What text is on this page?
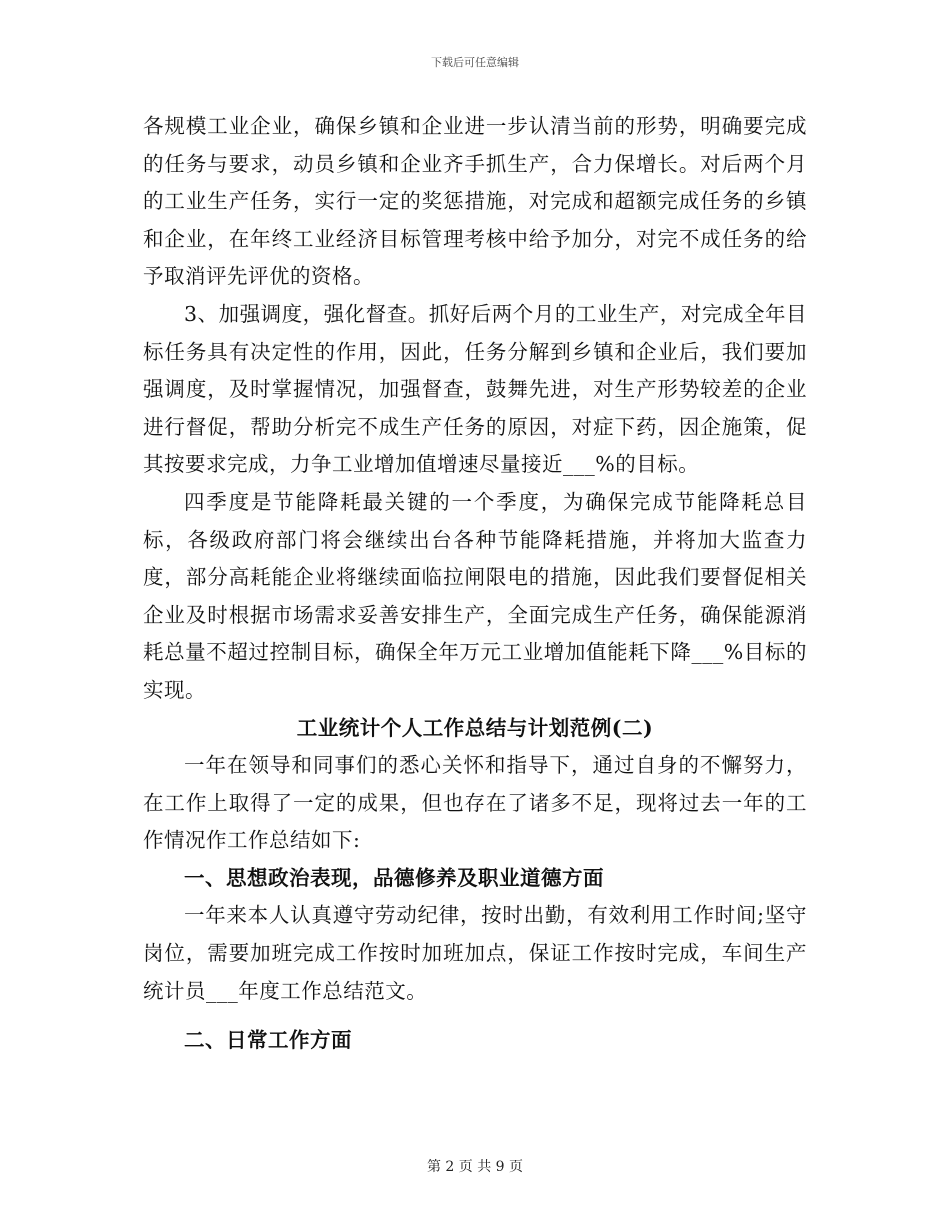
下载后可任意编辑

各规模工业企业，确保乡镇和企业进一步认清当前的形势，明确要完成的任务与要求，动员乡镇和企业齐手抓生产，合力保增长。对后两个月的工业生产任务，实行一定的奖惩措施，对完成和超额完成任务的乡镇和企业，在年终工业经济目标管理考核中给予加分，对完不成任务的给予取消评先评优的资格。

3、加强调度，强化督查。抓好后两个月的工业生产，对完成全年目标任务具有决定性的作用，因此，任务分解到乡镇和企业后，我们要加强调度，及时掌握情况，加强督查，鼓舞先进，对生产形势较差的企业进行督促，帮助分析完不成生产任务的原因，对症下药，因企施策，促其按要求完成，力争工业增加值增速尽量接近___%的目标。

四季度是节能降耗最关键的一个季度，为确保完成节能降耗总目标，各级政府部门将会继续出台各种节能降耗措施，并将加大监查力度，部分高耗能企业将继续面临拉闸限电的措施，因此我们要督促相关企业及时根据市场需求妥善安排生产，全面完成生产任务，确保能源消耗总量不超过控制目标，确保全年万元工业增加值能耗下降___%目标的实现。

工业统计个人工作总结与计划范例(二)

一年在领导和同事们的悉心关怀和指导下，通过自身的不懈努力，在工作上取得了一定的成果，但也存在了诸多不足，现将过去一年的工作情况作工作总结如下:

一、思想政治表现，品德修养及职业道德方面

一年来本人认真遵守劳动纪律，按时出勤，有效利用工作时间;坚守岗位，需要加班完成工作按时加班加点，保证工作按时完成，车间生产统计员___年度工作总结范文。

二、日常工作方面
第 2 页 共 9 页
